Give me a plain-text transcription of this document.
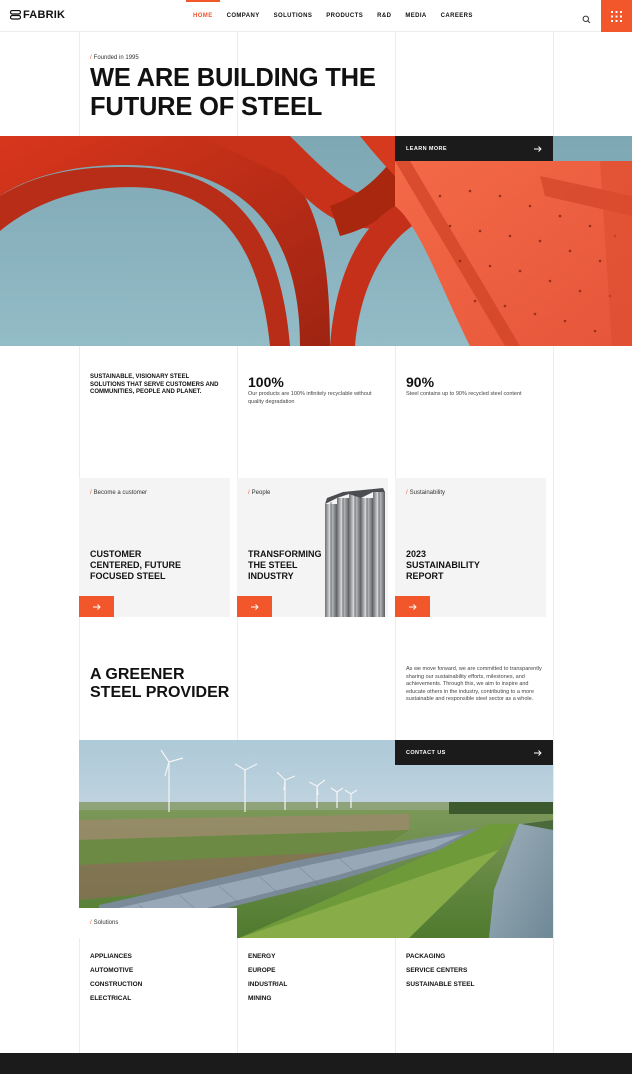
FABRIK	HOME	COMPANY	SOLUTIONS	PRODUCTS	R&D	MEDIA	CAREERS
/ Founded in 1995
WE ARE BUILDING THE
FUTURE OF STEEL
LEARN MORE

SUSTAINABLE, VISIONARY STEEL SOLUTIONS THAT SERVE CUSTOMERS AND COMMUNITIES, PEOPLE AND PLANET.

100%

Our products are 100% infinitely recyclable without quality degradation

90%

Steel contains up to 90% recycled steel content

/ Become a customer
CUSTOMER
CENTERED, FUTURE
FOCUSED STEEL
/ People
TRANSFORMING
THE STEEL
INDUSTRY
/ Sustainability
2023
SUSTAINABILITY
REPORT
A GREENER
STEEL PROVIDER

As we move forward, we are committed to transparently sharing our sustainability efforts, milestones, and achievements. Through this, we aim to inspire and educate others in the industry, contributing to a more sustainable and responsible steel sector as a whole.

CONTACT US
/ Solutions
APPLIANCES
AUTOMOTIVE
CONSTRUCTION
ELECTRICAL
ENERGY
EUROPE
INDUSTRIAL
MINING
PACKAGING
SERVICE CENTERS
SUSTAINABLE STEEL
